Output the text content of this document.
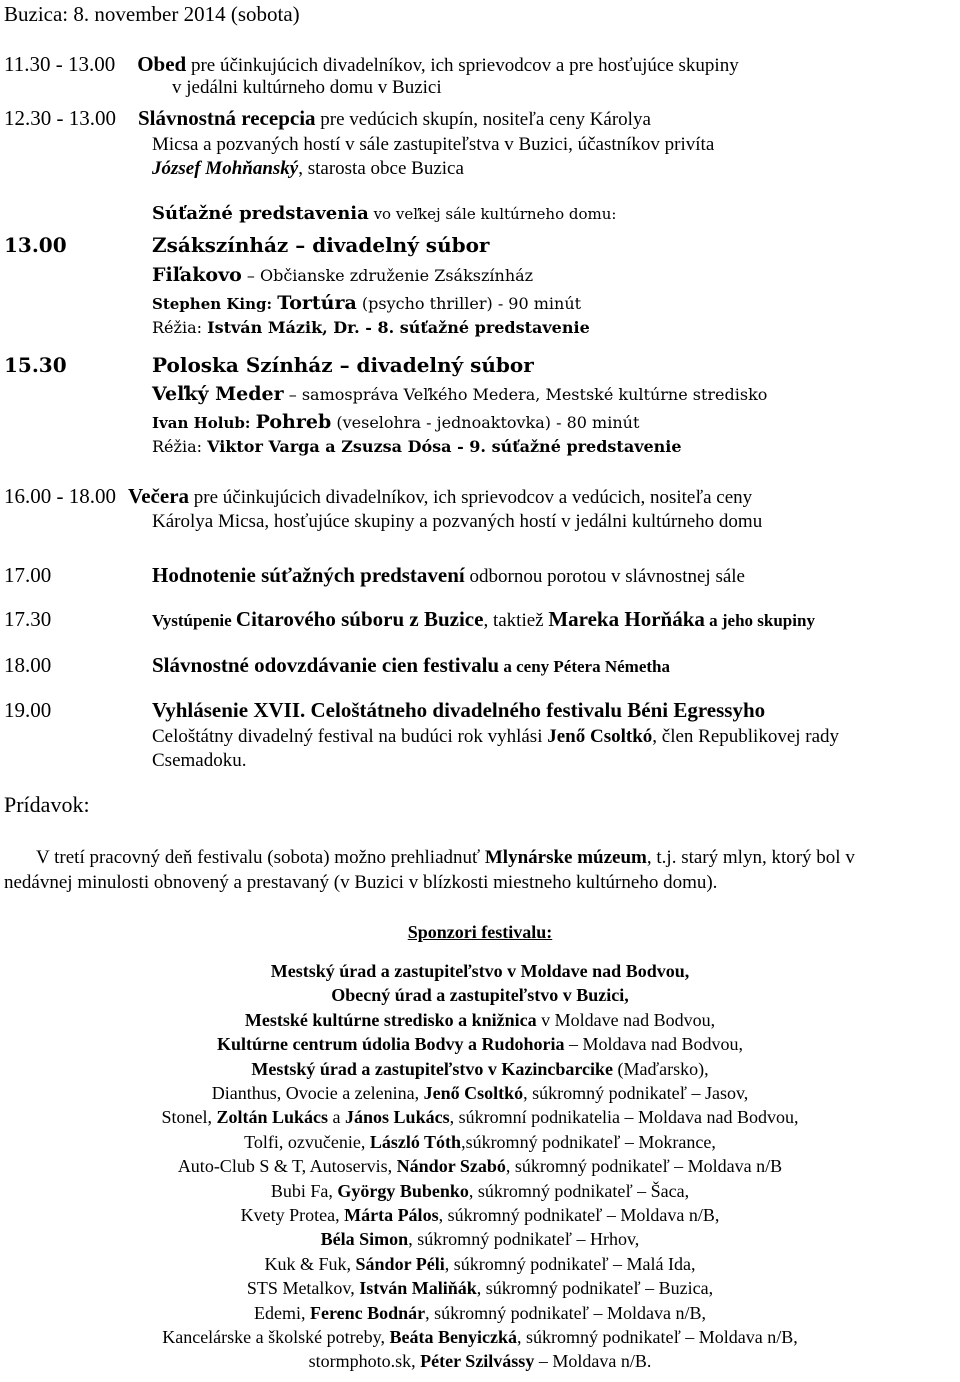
Buzica: 8. november 2014 (sobota)
11.30 - 13.00 Obed pre účinkujúcich divadelníkov, ich sprievodcov a pre hosťujúce skupiny
v jedálni kultúrneho domu v Buzici
12.30 - 13.00 Slávnostná recepcia pre vedúcich skupín, nositeľa ceny Károlya
Micsa a pozvaných hostí v sále zastupiteľstva v Buzici, účastníkov privíta
József Mohňanský, starosta obce Buzica
Súťažné predstavenia vo veľkej sále kultúrneho domu:
13.00	Zsákszínház – divadelný súbor
Fiľakovo – Občianske združenie Zsákszínház
Stephen King: Tortúra (psycho thriller) - 90 minút
Réžia: István Mázik, Dr. - 8. súťažné predstavenie
15.30	Poloska Színház – divadelný súbor
Veľký Meder – samospráva Veľkého Medera, Mestské kultúrne stredisko
Ivan Holub: Pohreb (veselohra - jednoaktovka) - 80 minút
Réžia: Viktor Varga a Zsuzsa Dósa - 9. súťažné predstavenie
16.00 - 18.00 Večera pre účinkujúcich divadelníkov, ich sprievodcov a vedúcich, nositeľa ceny
Károlya Micsa, hosťujúce skupiny a pozvaných hostí v jedálni kultúrneho domu
17.00	Hodnotenie súťažných predstavení odbornou porotou v slávnostnej sále
17.30	Vystúpenie Citarového súboru z Buzice, taktiež Mareka Horňáka a jeho skupiny
18.00	Slávnostné odovzdávanie cien festivalu a ceny Pétera Németha
19.00	Vyhlásenie XVII. Celoštátneho divadelného festivalu Béni Egressyho
Celoštátny divadelný festival na budúci rok vyhlási Jenő Csoltkó, člen Republikovej rady
Csemadoku.
Prídavok:
V tretí pracovný deň festivalu (sobota) možno prehliadnuť Mlynárske múzeum, t.j. starý mlyn, ktorý bol v
nedávnej minulosti obnovený a prestavaný (v Buzici v blízkosti miestneho kultúrneho domu).
Sponzori festivalu:
Mestský úrad a zastupiteľstvo v Moldave nad Bodvou,
Obecný úrad a zastupiteľstvo v Buzici,
Mestské kultúrne stredisko a knižnica v Moldave nad Bodvou,
Kultúrne centrum údolia Bodvy a Rudohoria – Moldava nad Bodvou,
Mestský úrad a zastupiteľstvo v Kazincbarcike (Maďarsko),
Dianthus, Ovocie a zelenina, Jenő Csoltkó, súkromný podnikateľ – Jasov,
Stonel, Zoltán Lukács a János Lukács, súkromní podnikatelia – Moldava nad Bodvou,
Tolfi, ozvučenie, László Tóth,súkromný podnikateľ – Mokrance,
Auto-Club S & T, Autoservis, Nándor Szabó, súkromný podnikateľ – Moldava n/B
Bubi Fa, György Bubenko, súkromný podnikateľ – Šaca,
Kvety Protea, Márta Pálos, súkromný podnikateľ – Moldava n/B,
Béla Simon, súkromný podnikateľ – Hrhov,
Kuk & Fuk, Sándor Péli, súkromný podnikateľ – Malá Ida,
STS Metalkov, István Maliňák, súkromný podnikateľ – Buzica,
Edemi, Ferenc Bodnár, súkromný podnikateľ – Moldava n/B,
Kancelárske a školské potreby, Beáta Benyiczká, súkromný podnikateľ – Moldava n/B,
stormphoto.sk, Péter Szilvássy – Moldava n/B.
